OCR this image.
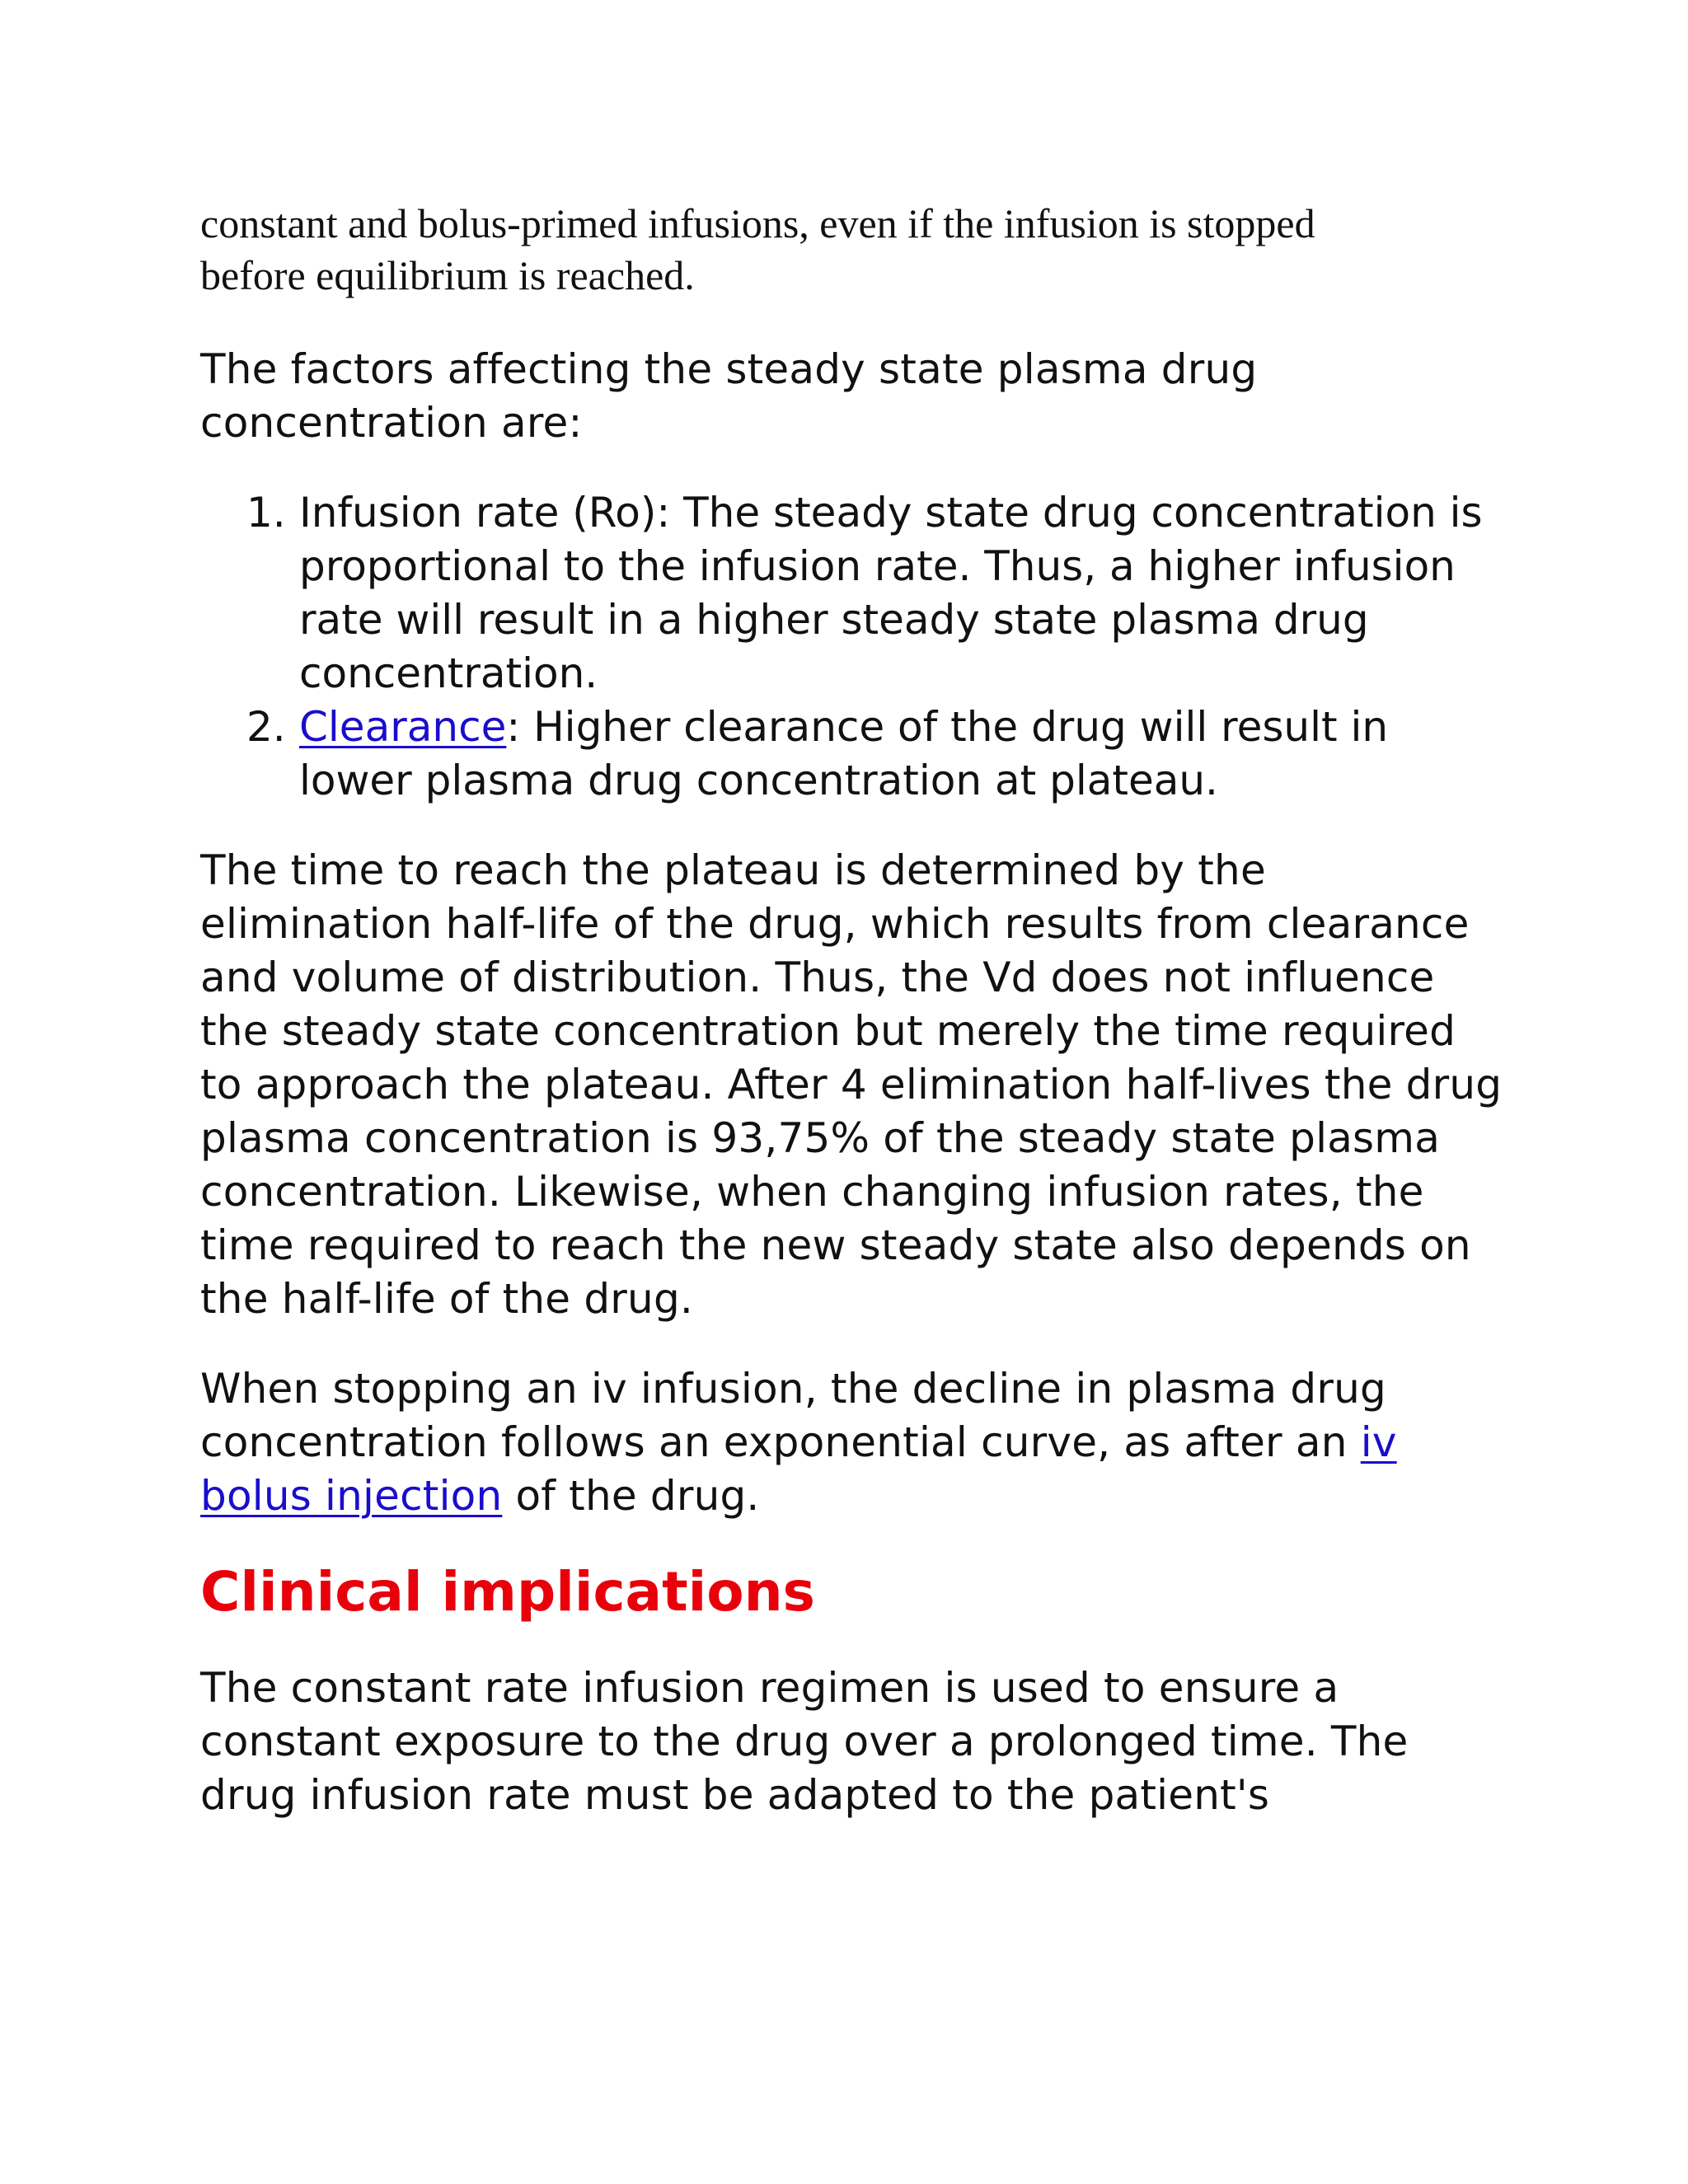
constant and bolus-primed infusions, even if the infusion is stopped
before equilibrium is reached.

The factors affecting the steady state plasma drug concentration are:

1. Infusion rate (Ro): The steady state drug concentration is proportional to the infusion rate. Thus, a higher infusion rate will result in a higher steady state plasma drug concentration.
2. Clearance: Higher clearance of the drug will result in lower plasma drug concentration at plateau.

The time to reach the plateau is determined by the elimination half-life of the drug, which results from clearance and volume of distribution. Thus, the Vd does not influence the steady state concentration but merely the time required to approach the plateau. After 4 elimination half-lives the drug plasma concentration is 93,75% of the steady state plasma concentration. Likewise, when changing infusion rates, the time required to reach the new steady state also depends on the half-life of the drug.

When stopping an iv infusion, the decline in plasma drug concentration follows an exponential curve, as after an iv bolus injection of the drug.

Clinical implications

The constant rate infusion regimen is used to ensure a constant exposure to the drug over a prolonged time. The drug infusion rate must be adapted to the patient's
